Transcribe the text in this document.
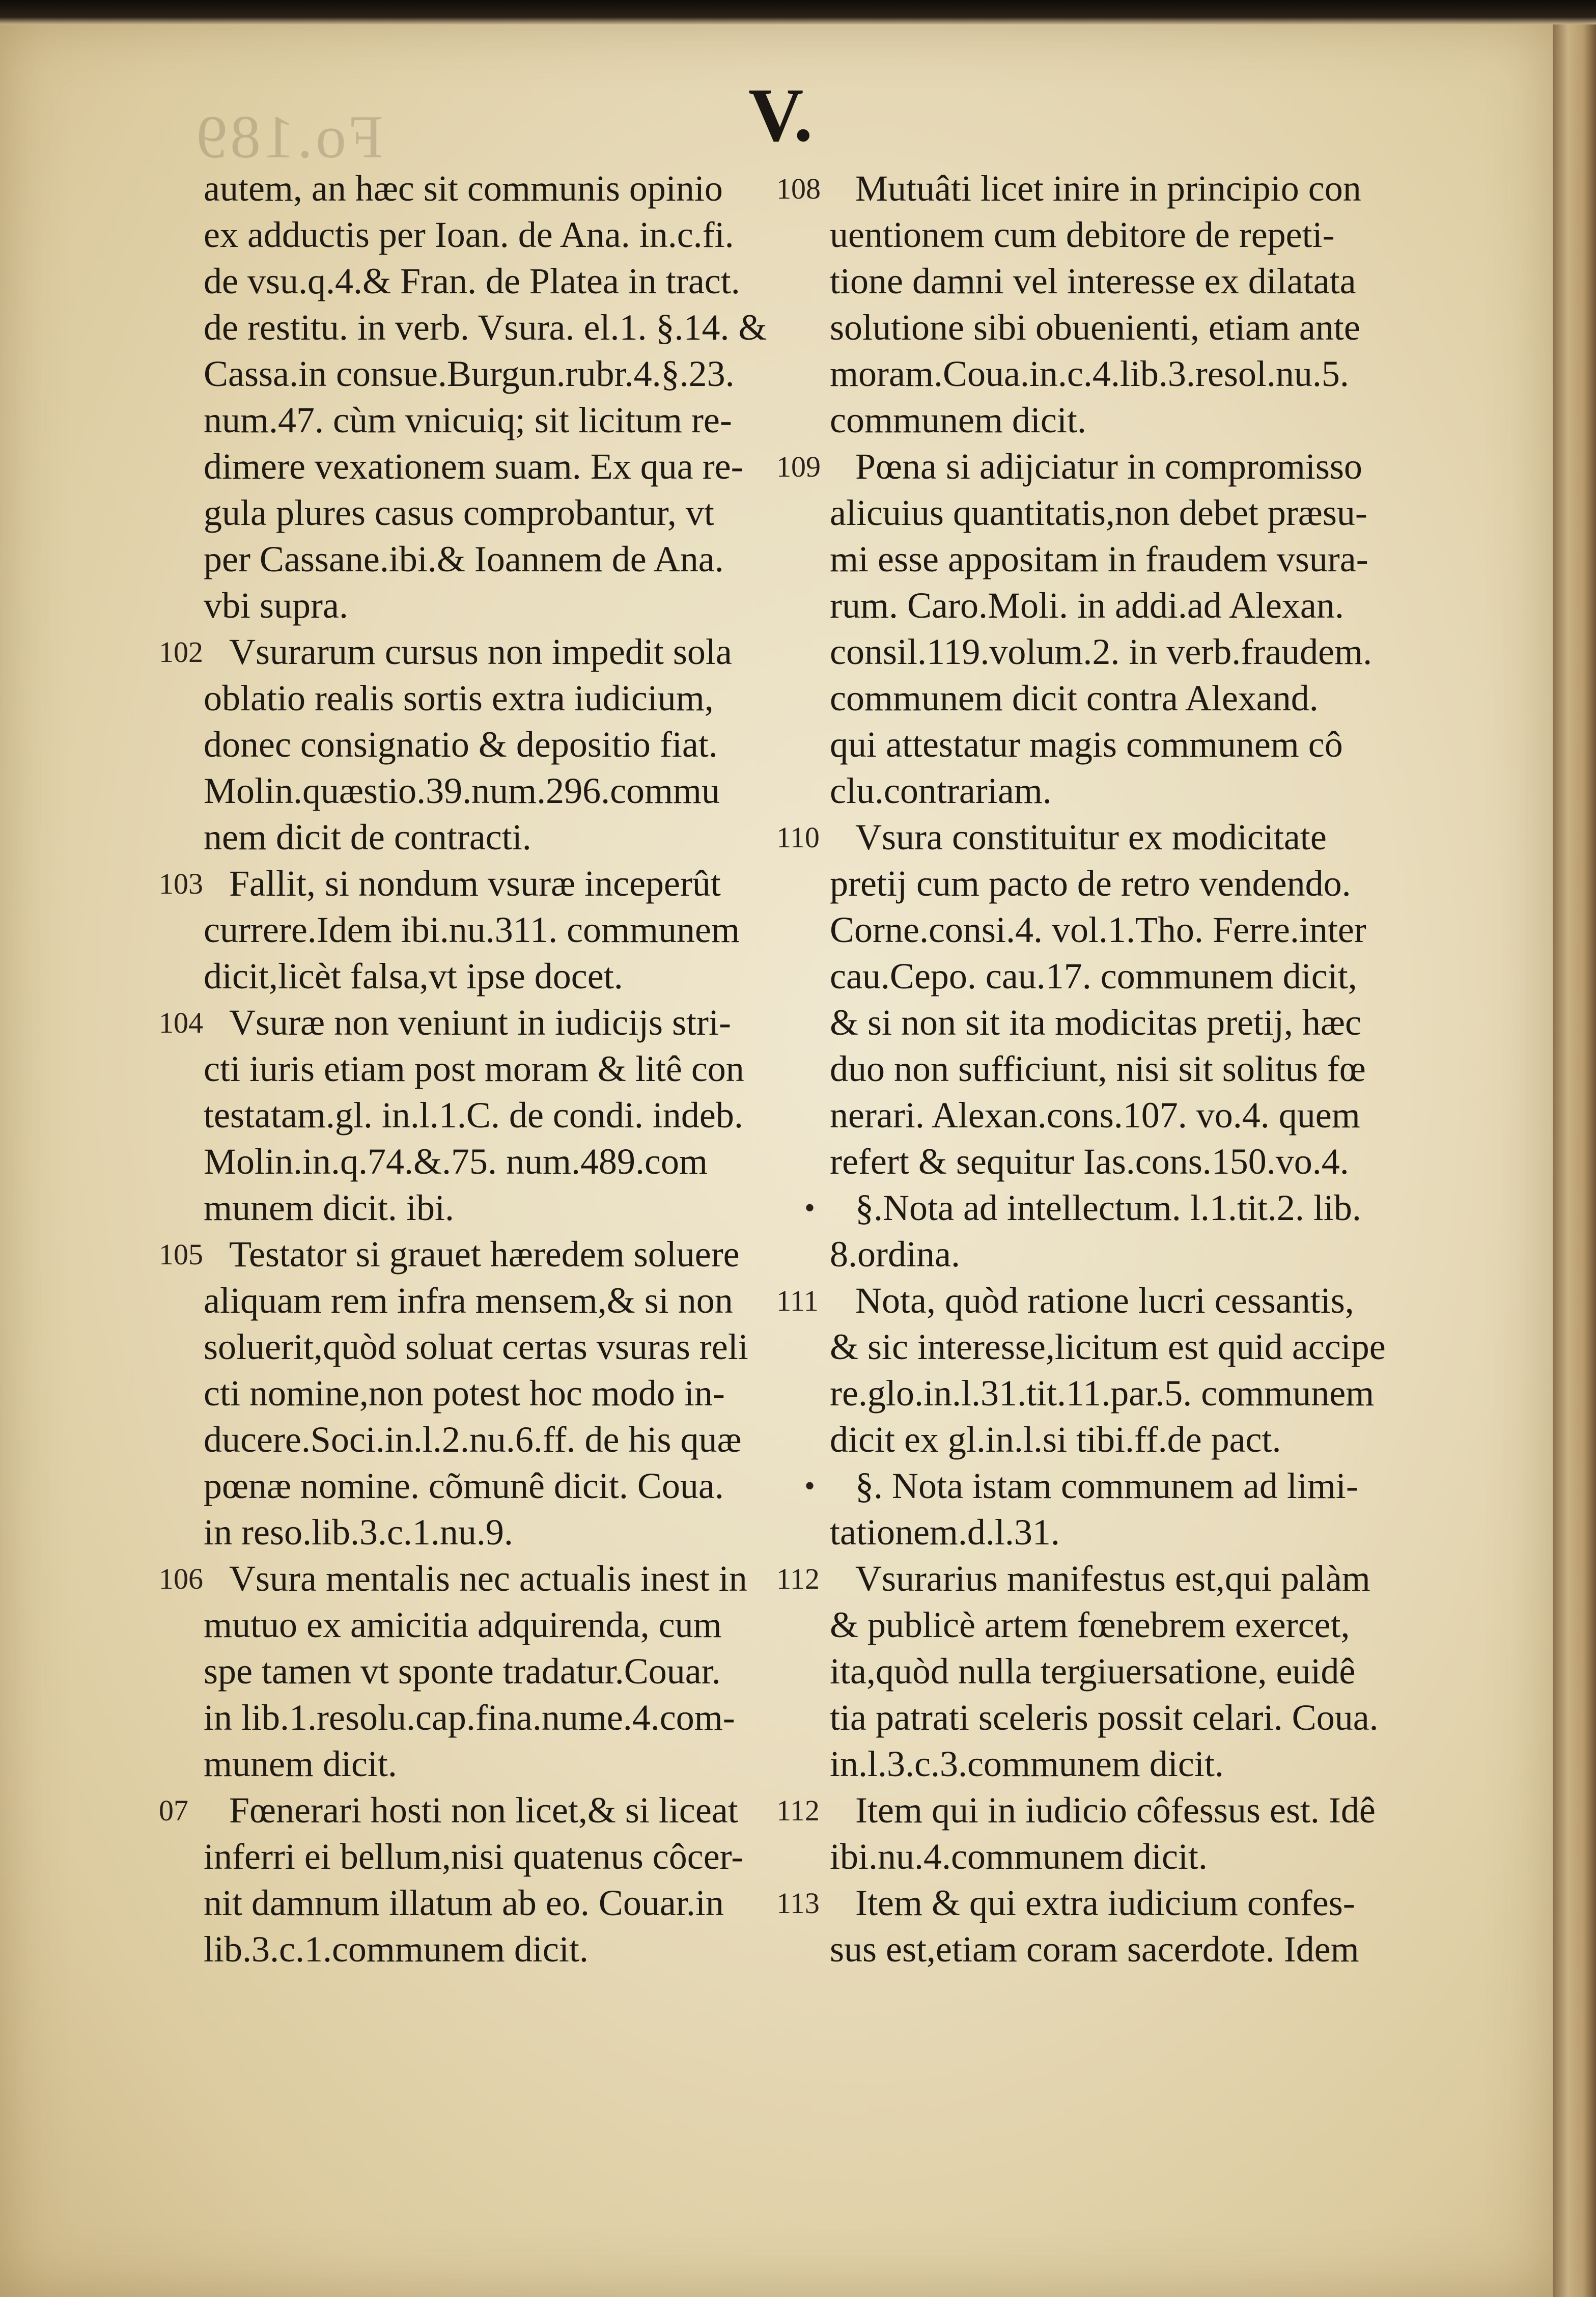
Fo.189	V.
autem, an hæc sit communis opinio
ex adductis per Ioan. de Ana. in.c.fi.
de vsu.q.4.& Fran. de Platea in tract.
de restitu. in verb. Vsura. el.1. §.14. &
Cassa.in consue.Burgun.rubr.4.§.23.
num.47. cùm vnicuiq; sit licitum re-
dimere vexationem suam. Ex qua re-
gula plures casus comprobantur, vt
per Cassane.ibi.& Ioannem de Ana.
vbi supra.
102 Vsurarum cursus non impedit sola
oblatio realis sortis extra iudicium,
donec consignatio & depositio fiat.
Molin.quæstio.39.num.296.commu
nem dicit de contracti.
103 Fallit, si nondum vsuræ inceperût
currere.Idem ibi.nu.311. communem
dicit,licèt falsa,vt ipse docet.
104 Vsuræ non veniunt in iudicijs stri-
cti iuris etiam post moram & litê con
testatam.gl. in.l.1.C. de condi. indeb.
Molin.in.q.74.&.75. num.489.com
munem dicit. ibi.
105 Testator si grauet hæredem soluere
aliquam rem infra mensem,& si non
soluerit,quòd soluat certas vsuras reli
cti nomine,non potest hoc modo in-
ducere.Soci.in.l.2.nu.6.ff. de his quæ
pœnæ nomine. cõmunê dicit. Coua.
in reso.lib.3.c.1.nu.9.
106 Vsura mentalis nec actualis inest in
mutuo ex amicitia adquirenda, cum
spe tamen vt sponte tradatur.Couar.
in lib.1.resolu.cap.fina.nume.4.com-
munem dicit.
07 Fœnerari hosti non licet,& si liceat
inferri ei bellum,nisi quatenus côcer-
nit damnum illatum ab eo. Couar.in
lib.3.c.1.communem dicit.
108 Mutuâti licet inire in principio con
uentionem cum debitore de repeti-
tione damni vel interesse ex dilatata
solutione sibi obuenienti, etiam ante
moram.Coua.in.c.4.lib.3.resol.nu.5.
communem dicit.
109 Pœna si adijciatur in compromisso
alicuius quantitatis,non debet præsu-
mi esse appositam in fraudem vsura-
rum. Caro.Moli. in addi.ad Alexan.
consil.119.volum.2. in verb.fraudem.
communem dicit contra Alexand.
qui attestatur magis communem cô
clu.contrariam.
110 Vsura constituitur ex modicitate
pretij cum pacto de retro vendendo.
Corne.consi.4. vol.1.Tho. Ferre.inter
cau.Cepo. cau.17. communem dicit,
& si non sit ita modicitas pretij, hæc
duo non sufficiunt, nisi sit solitus fœ
nerari. Alexan.cons.107. vo.4. quem
refert & sequitur Ias.cons.150.vo.4.
• §.Nota ad intellectum. l.1.tit.2. lib.
8.ordina.
111 Nota, quòd ratione lucri cessantis,
& sic interesse,licitum est quid accipe
re.glo.in.l.31.tit.11.par.5. communem
dicit ex gl.in.l.si tibi.ff.de pact.
• §. Nota istam communem ad limi-
tationem.d.l.31.
112 Vsurarius manifestus est,qui palàm
& publicè artem fœnebrem exercet,
ita,quòd nulla tergiuersatione, euidê
tia patrati sceleris possit celari. Coua.
in.l.3.c.3.communem dicit.
112 Item qui in iudicio côfessus est. Idê
ibi.nu.4.communem dicit.
113 Item & qui extra iudicium confes-
sus est,etiam coram sacerdote. Idem
